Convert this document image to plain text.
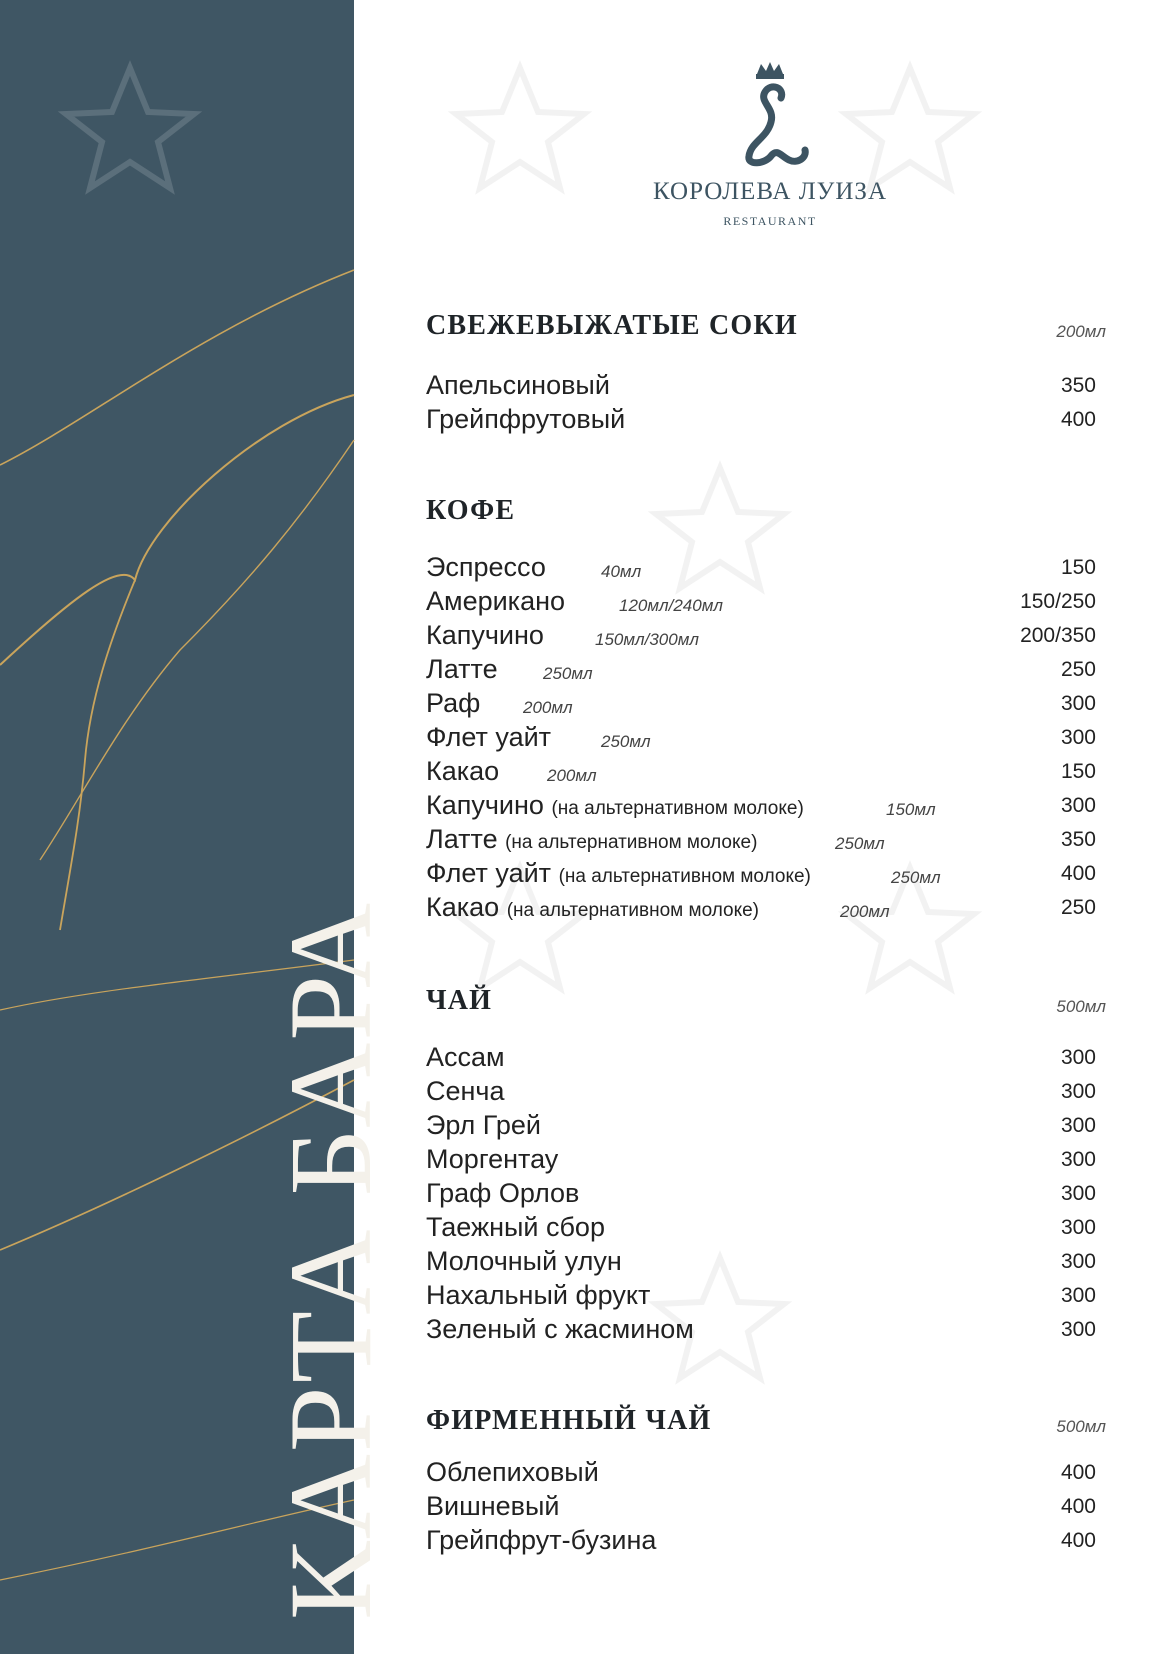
КАРТА БАРА
КОРОЛЕВА ЛУИЗА
RESTAURANT
СВЕЖЕВЫЖАТЫЕ СОКИ	200мл
Апельсиновый	350
Грейпфрутовый	400
КОФЕ
Эспрессо	40мл	150
Американо	120мл/240мл	150/250
Капучино	150мл/300мл	200/350
Латте	250мл	250
Раф	200мл	300
Флет уайт	250мл	300
Какао	200мл	150
Капучино (на альтернативном молоке)	150мл	300
Латте (на альтернативном молоке)	250мл	350
Флет уайт (на альтернативном молоке)	250мл	400
Какао (на альтернативном молоке)	200мл	250
ЧАЙ	500мл
Ассам	300
Сенча	300
Эрл Грей	300
Моргентау	300
Граф Орлов	300
Таежный сбор	300
Молочный улун	300
Нахальный фрукт	300
Зеленый с жасмином	300
ФИРМЕННЫЙ ЧАЙ	500мл
Облепиховый	400
Вишневый	400
Грейпфрут-бузина	400
